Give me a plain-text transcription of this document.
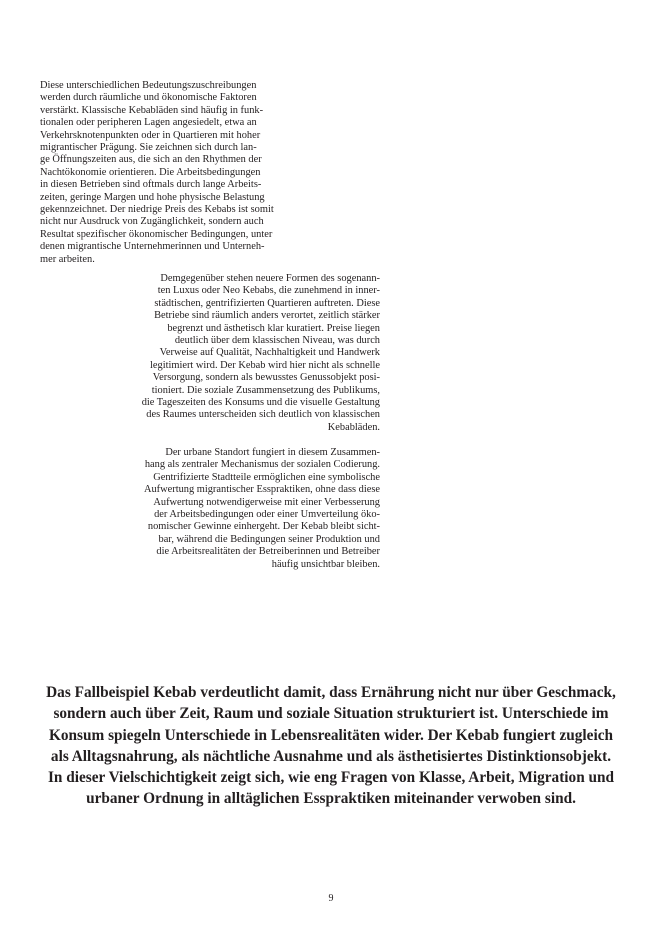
Diese unterschiedlichen Bedeutungszuschreibungen
werden durch räumliche und ökonomische Faktoren
verstärkt. Klassische Kebabläden sind häufig in funk-
tionalen oder peripheren Lagen angesiedelt, etwa an
Verkehrsknotenpunkten oder in Quartieren mit hoher
migrantischer Prägung. Sie zeichnen sich durch lan-
ge Öffnungszeiten aus, die sich an den Rhythmen der
Nachtökonomie orientieren. Die Arbeitsbedingungen
in diesen Betrieben sind oftmals durch lange Arbeits-
zeiten, geringe Margen und hohe physische Belastung
gekennzeichnet. Der niedrige Preis des Kebabs ist somit
nicht nur Ausdruck von Zugänglichkeit, sondern auch
Resultat spezifischer ökonomischer Bedingungen, unter
denen migrantische Unternehmerinnen und Unterneh-
mer arbeiten.
Demgegenüber stehen neuere Formen des sogenann-
ten Luxus oder Neo Kebabs, die zunehmend in inner-
städtischen, gentrifizierten Quartieren auftreten. Diese
Betriebe sind räumlich anders verortet, zeitlich stärker
begrenzt und ästhetisch klar kuratiert. Preise liegen
deutlich über dem klassischen Niveau, was durch
Verweise auf Qualität, Nachhaltigkeit und Handwerk
legitimiert wird. Der Kebab wird hier nicht als schnelle
Versorgung, sondern als bewusstes Genussobjekt posi-
tioniert. Die soziale Zusammensetzung des Publikums,
die Tageszeiten des Konsums und die visuelle Gestaltung
des Raumes unterscheiden sich deutlich von klassischen
Kebabläden.
Der urbane Standort fungiert in diesem Zusammen-
hang als zentraler Mechanismus der sozialen Codierung.
Gentrifizierte Stadtteile ermöglichen eine symbolische
Aufwertung migrantischer Esspraktiken, ohne dass diese
Aufwertung notwendigerweise mit einer Verbesserung
der Arbeitsbedingungen oder einer Umverteilung öko-
nomischer Gewinne einhergeht. Der Kebab bleibt sicht-
bar, während die Bedingungen seiner Produktion und
die Arbeitsrealitäten der Betreiberinnen und Betreiber
häufig unsichtbar bleiben.
Das Fallbeispiel Kebab verdeutlicht damit, dass Ernährung nicht nur über Geschmack,
sondern auch über Zeit, Raum und soziale Situation strukturiert ist. Unterschiede im
Konsum spiegeln Unterschiede in Lebensrealitäten wider. Der Kebab fungiert zugleich
als Alltagsnahrung, als nächtliche Ausnahme und als ästhetisiertes Distinktionsobjekt.
In dieser Vielschichtigkeit zeigt sich, wie eng Fragen von Klasse, Arbeit, Migration und
urbaner Ordnung in alltäglichen Esspraktiken miteinander verwoben sind.
9
